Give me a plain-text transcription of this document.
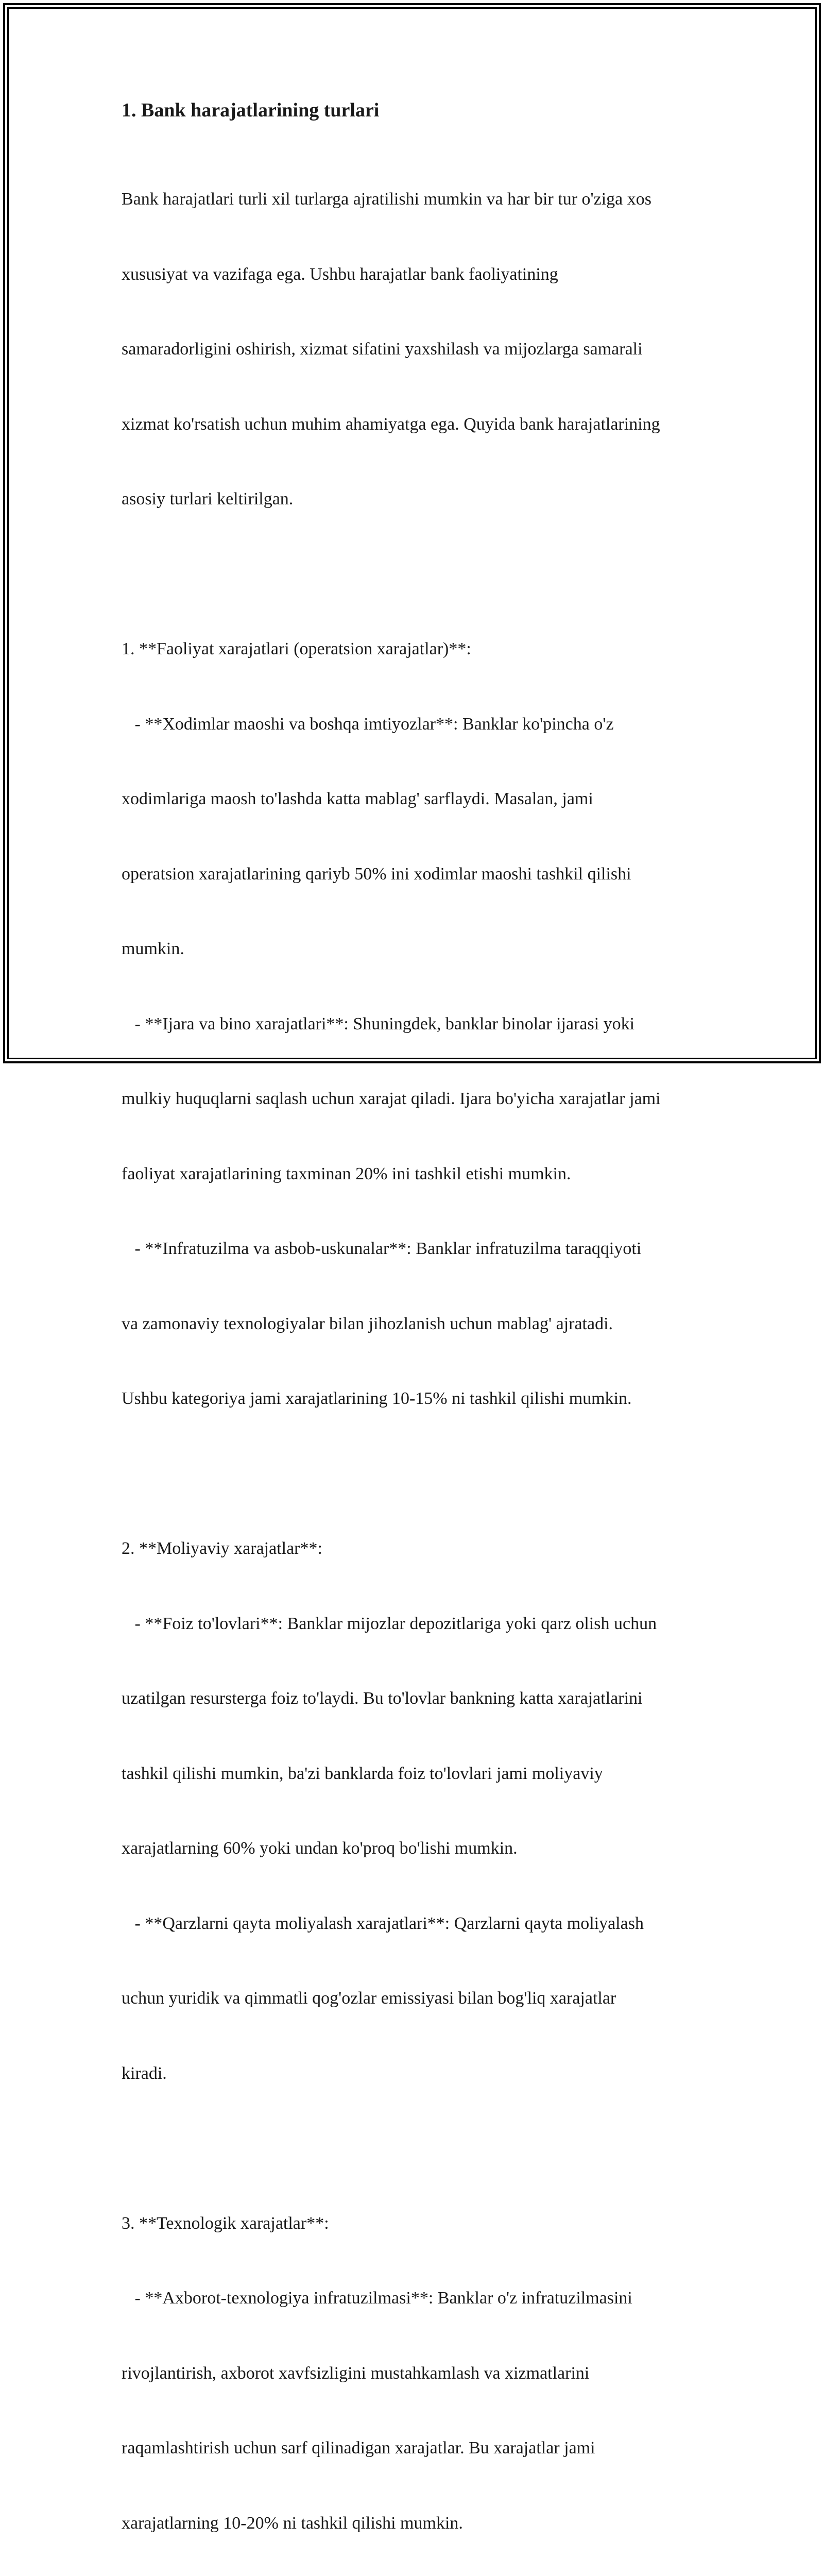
1. Bank harajatlarining turlari

Bank harajatlari turli xil turlarga ajratilishi mumkin va har bir tur o'ziga xos

xususiyat va vazifaga ega. Ushbu harajatlar bank faoliyatining

samaradorligini oshirish, xizmat sifatini yaxshilash va mijozlarga samarali

xizmat ko'rsatish uchun muhim ahamiyatga ega. Quyida bank harajatlarining

asosiy turlari keltirilgan.

1. **Faoliyat xarajatlari (operatsion xarajatlar)**:

- **Xodimlar maoshi va boshqa imtiyozlar**: Banklar ko'pincha o'z

xodimlariga maosh to'lashda katta mablag' sarflaydi. Masalan, jami

operatsion xarajatlarining qariyb 50% ini xodimlar maoshi tashkil qilishi

mumkin.

- **Ijara va bino xarajatlari**: Shuningdek, banklar binolar ijarasi yoki

mulkiy huquqlarni saqlash uchun xarajat qiladi. Ijara bo'yicha xarajatlar jami

faoliyat xarajatlarining taxminan 20% ini tashkil etishi mumkin.

- **Infratuzilma va asbob-uskunalar**: Banklar infratuzilma taraqqiyoti

va zamonaviy texnologiyalar bilan jihozlanish uchun mablag' ajratadi.

Ushbu kategoriya jami xarajatlarining 10-15% ni tashkil qilishi mumkin.

2. **Moliyaviy xarajatlar**:

- **Foiz to'lovlari**: Banklar mijozlar depozitlariga yoki qarz olish uchun

uzatilgan resursterga foiz to'laydi. Bu to'lovlar bankning katta xarajatlarini

tashkil qilishi mumkin, ba'zi banklarda foiz to'lovlari jami moliyaviy

xarajatlarning 60% yoki undan ko'proq bo'lishi mumkin.

- **Qarzlarni qayta moliyalash xarajatlari**: Qarzlarni qayta moliyalash

uchun yuridik va qimmatli qog'ozlar emissiyasi bilan bog'liq xarajatlar

kiradi.

3. **Texnologik xarajatlar**:

- **Axborot-texnologiya infratuzilmasi**: Banklar o'z infratuzilmasini

rivojlantirish, axborot xavfsizligini mustahkamlash va xizmatlarini

raqamlashtirish uchun sarf qilinadigan xarajatlar. Bu xarajatlar jami

xarajatlarning 10-20% ni tashkil qilishi mumkin.
